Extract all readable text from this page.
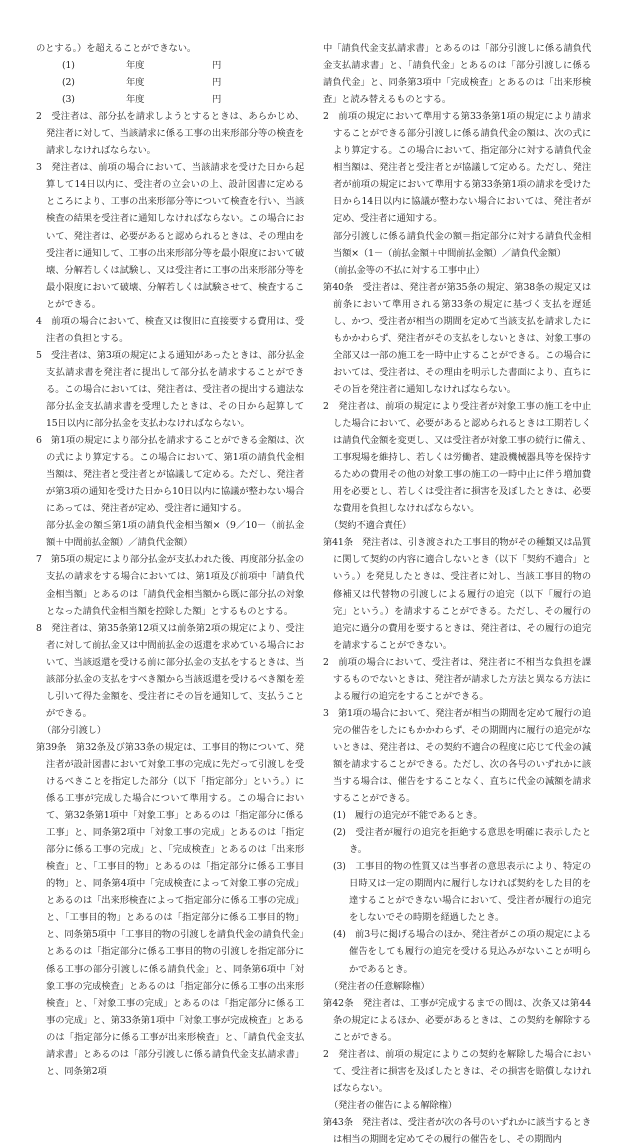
のとする。）を超えることができない。

(1)	年度	円
(2)	年度	円
(3)	年度	円

2　受注者は、部分払を請求しようとするときは、あらかじめ、発注者に対して、当該請求に係る工事の出来形部分等の検査を請求しなければならない。

3　発注者は、前項の場合において、当該請求を受けた日から起算して14日以内に、受注者の立会いの上、設計図書に定めるところにより、工事の出来形部分等について検査を行い、当該検査の結果を受注者に通知しなければならない。この場合において、発注者は、必要があると認められるときは、その理由を受注者に通知して、工事の出来形部分等を最小限度において破壊、分解若しくは試験し、又は受注者に工事の出来形部分等を最小限度において破壊、分解若しくは試験させて、検査することができる。

4　前項の場合において、検査又は復旧に直接要する費用は、受注者の負担とする。

5　受注者は、第3項の規定による通知があったときは、部分払金支払請求書を発注者に提出して部分払を請求することができる。この場合においては、発注者は、受注者の提出する適法な部分払金支払請求書を受理したときは、その日から起算して15日以内に部分払金を支払わなければならない。

6　第1項の規定により部分払を請求することができる金額は、次の式により算定する。この場合において、第1項の請負代金相当額は、発注者と受注者とが協議して定める。ただし、発注者が第3項の通知を受けた日から10日以内に協議が整わない場合にあっては、発注者が定め、受注者に通知する。

部分払金の額≦第1項の請負代金相当額×（9／10－（前払金額＋中間前払金額）／請負代金額）

7　第5項の規定により部分払金が支払われた後、再度部分払金の支払の請求をする場合においては、第1項及び前項中「請負代金相当額」とあるのは「請負代金相当額から既に部分払の対象となった請負代金相当額を控除した額」とするものとする。

8　発注者は、第35条第12項又は前条第2項の規定により、受注者に対して前払金又は中間前払金の返還を求めている場合において、当該返還を受ける前に部分払金の支払をするときは、当該部分払金の支払をすべき額から当該返還を受けるべき額を差し引いて得た金額を、受注者にその旨を通知して、支払うことができる。

（部分引渡し）

第39条　第32条及び第33条の規定は、工事目的物について、発注者が設計図書において対象工事の完成に先だって引渡しを受けるべきことを指定した部分（以下「指定部分」という。）に係る工事が完成した場合について準用する。この場合において、第32条第1項中「対象工事」とあるのは「指定部分に係る工事」と、同条第2項中「対象工事の完成」とあるのは「指定部分に係る工事の完成」と、「完成検査」とあるのは「出来形検査」と、「工事目的物」とあるのは「指定部分に係る工事目的物」と、同条第4項中「完成検査によって対象工事の完成」とあるのは「出来形検査によって指定部分に係る工事の完成」と、「工事目的物」とあるのは「指定部分に係る工事目的物」と、同条第5項中「工事目的物の引渡しを請負代金の請負代金」とあるのは「指定部分に係る工事目的物の引渡しを指定部分に係る工事の部分引渡しに係る請負代金」と、同条第6項中「対象工事の完成検査」とあるのは「指定部分に係る工事の出来形検査」と、「対象工事の完成」とあるのは「指定部分に係る工事の完成」と、第33条第1項中「対象工事が完成検査」とあるのは「指定部分に係る工事が出来形検査」と、「請負代金支払請求書」とあるのは「部分引渡しに係る請負代金支払請求書」と、同条第2項

中「請負代金支払請求書」とあるのは「部分引渡しに係る請負代金支払請求書」と、「請負代金」とあるのは「部分引渡しに係る請負代金」と、同条第3項中「完成検査」とあるのは「出来形検査」と読み替えるものとする。

2　前項の規定において準用する第33条第1項の規定により請求することができる部分引渡しに係る請負代金の額は、次の式により算定する。この場合において、指定部分に対する請負代金相当額は、発注者と受注者とが協議して定める。ただし、発注者が前項の規定において準用する第33条第1項の請求を受けた日から14日以内に協議が整わない場合においては、発注者が定め、受注者に通知する。

部分引渡しに係る請負代金の額＝指定部分に対する請負代金相当額×（1－（前払金額＋中間前払金額）／請負代金額）

（前払金等の不払に対する工事中止）

第40条　受注者は、発注者が第35条の規定、第38条の規定又は前条において準用される第33条の規定に基づく支払を遅延し、かつ、受注者が相当の期間を定めて当該支払を請求したにもかかわらず、発注者がその支払をしないときは、対象工事の全部又は一部の施工を一時中止することができる。この場合においては、受注者は、その理由を明示した書面により、直ちにその旨を発注者に通知しなければならない。

2　発注者は、前項の規定により受注者が対象工事の施工を中止した場合において、必要があると認められるときは工期若しくは請負代金額を変更し、又は受注者が対象工事の続行に備え、工事現場を維持し、若しくは労働者、建設機械器具等を保持するための費用その他の対象工事の施工の一時中止に伴う増加費用を必要とし、若しくは受注者に損害を及ぼしたときは、必要な費用を負担しなければならない。

（契約不適合責任）

第41条　発注者は、引き渡された工事目的物がその種類又は品質に関して契約の内容に適合しないとき（以下「契約不適合」という。）を発見したときは、受注者に対し、当該工事目的物の修補又は代替物の引渡しによる履行の追完（以下「履行の追完」という。）を請求することができる。ただし、その履行の追完に過分の費用を要するときは、発注者は、その履行の追完を請求することができない。

2　前項の場合において、受注者は、発注者に不相当な負担を課するものでないときは、発注者が請求した方法と異なる方法による履行の追完をすることができる。

3　第1項の場合において、発注者が相当の期間を定めて履行の追完の催告をしたにもかかわらず、その期間内に履行の追完がないときは、発注者は、その契約不適合の程度に応じて代金の減額を請求することができる。ただし、次の各号のいずれかに該当する場合は、催告をすることなく、直ちに代金の減額を請求することができる。

(1)　履行の追完が不能であるとき。

(2)　受注者が履行の追完を拒絶する意思を明確に表示したとき。

(3)　工事目的物の性質又は当事者の意思表示により、特定の日時又は一定の期間内に履行しなければ契約をした目的を達することができない場合において、受注者が履行の追完をしないでその時期を経過したとき。

(4)　前3号に掲げる場合のほか、発注者がこの項の規定による催告をしても履行の追完を受ける見込みがないことが明らかであるとき。

（発注者の任意解除権）

第42条　発注者は、工事が完成するまでの間は、次条又は第44条の規定によるほか、必要があるときは、この契約を解除することができる。

2　発注者は、前項の規定によりこの契約を解除した場合において、受注者に損害を及ぼしたときは、その損害を賠償しなければならない。

（発注者の催告による解除権）

第43条　発注者は、受注者が次の各号のいずれかに該当するときは相当の期間を定めてその履行の催告をし、その期間内
